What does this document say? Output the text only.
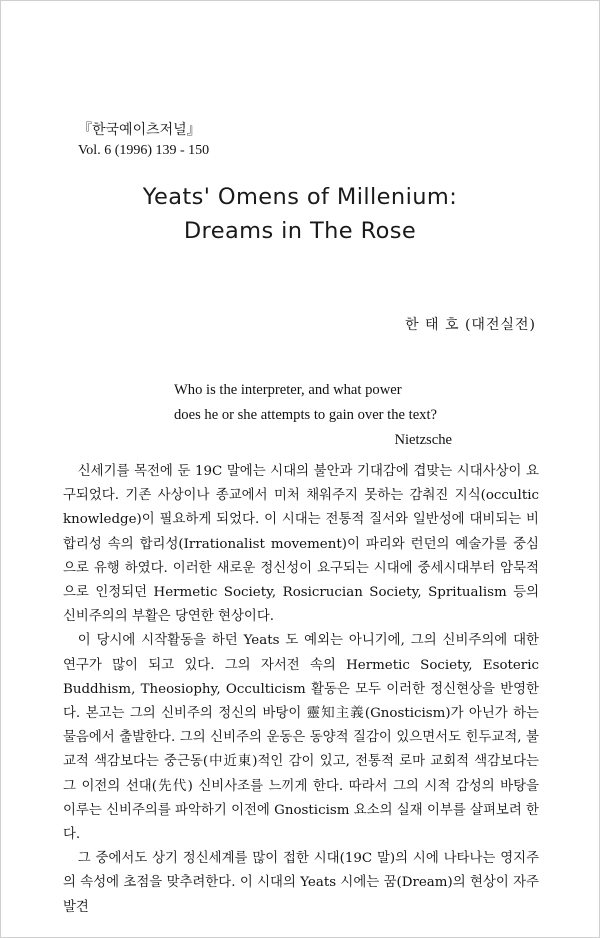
『한국예이츠저널』
Vol. 6 (1996) 139 - 150
Yeats' Omens of Millenium:
Dreams in The Rose
한 태 호 (대전실전)
Who is the interpreter, and what power
does he or she attempts to gain over the text?
Nietzsche

신세기를 목전에 둔 19C 말에는 시대의 불안과 기대감에 겹맞는 시대사상이 요구되었다. 기존 사상이나 종교에서 미처 채워주지 못하는 감춰진 지식(occultic knowledge)이 필요하게 되었다. 이 시대는 전통적 질서와 일반성에 대비되는 비합리성 속의 합리성(Irrationalist movement)이 파리와 런던의 예술가를 중심으로 유행 하였다. 이러한 새로운 정신성이 요구되는 시대에 중세시대부터 암묵적으로 인정되던 Hermetic Society, Rosicrucian Society, Spritualism 등의 신비주의의 부활은 당연한 현상이다.

이 당시에 시작활동을 하던 Yeats 도 예외는 아니기에, 그의 신비주의에 대한 연구가 많이 되고 있다. 그의 자서전 속의 Hermetic Society, Esoteric Buddhism, Theosiophy, Occulticism 활동은 모두 이러한 정신현상을 반영한다. 본고는 그의 신비주의 정신의 바탕이 靈知主義(Gnosticism)가 아닌가 하는 물음에서 출발한다. 그의 신비주의 운동은 동양적 질감이 있으면서도 힌두교적, 불교적 색감보다는 중근동(中近東)적인 감이 있고, 전통적 로마 교회적 색감보다는 그 이전의 선대(先代) 신비사조를 느끼게 한다. 따라서 그의 시적 감성의 바탕을 이루는 신비주의를 파악하기 이전에 Gnosticism 요소의 실재 이부를 살펴보려 한다.

그 중에서도 상기 정신세계를 많이 접한 시대(19C 말)의 시에 나타나는 영지주의 속성에 초점을 맞추려한다. 이 시대의 Yeats 시에는 꿈(Dream)의 현상이 자주 발견
